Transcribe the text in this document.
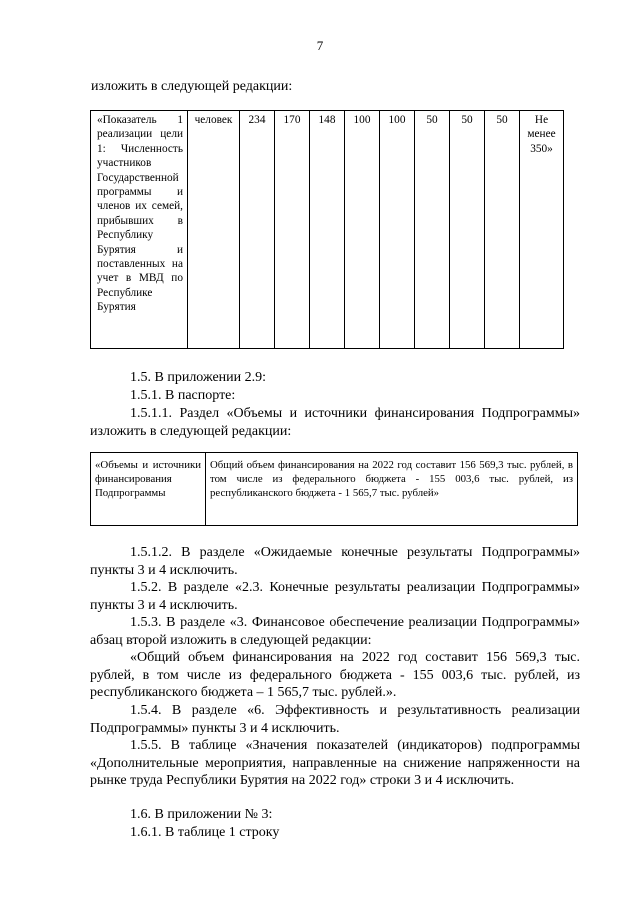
7
изложить в следующей редакции:
«Показатель 1 реализации цели 1: Численность участников Государственной программы и членов их семей, прибывших в Республику Бурятия и поставленных на учет в МВД по Республике Бурятия	человек	234	170	148	100	100	50	50	50	Не менее 350»
1.5. В приложении 2.9:
1.5.1. В паспорте:
1.5.1.1. Раздел «Объемы и источники финансирования Подпрограммы» изложить в следующей редакции:
«Объемы и источники финансирования Подпрограммы	Общий объем финансирования на 2022 год составит 156 569,3 тыс. рублей, в том числе из федерального бюджета - 155 003,6 тыс. рублей, из республиканского бюджета - 1 565,7 тыс. рублей»
1.5.1.2. В разделе «Ожидаемые конечные результаты Подпрограммы» пункты 3 и 4 исключить.
1.5.2. В разделе «2.3. Конечные результаты реализации Подпрограммы» пункты 3 и 4 исключить.
1.5.3. В разделе «3. Финансовое обеспечение реализации Подпрограммы» абзац второй изложить в следующей редакции:
«Общий объем финансирования на 2022 год составит 156 569,3 тыс. рублей, в том числе из федерального бюджета - 155 003,6 тыс. рублей, из республиканского бюджета – 1 565,7 тыс. рублей.».
1.5.4. В разделе «6. Эффективность и результативность реализации Подпрограммы» пункты 3 и 4 исключить.
1.5.5. В таблице «Значения показателей (индикаторов) подпрограммы «Дополнительные мероприятия, направленные на снижение напряженности на рынке труда Республики Бурятия на 2022 год» строки 3 и 4 исключить.
1.6. В приложении № 3:
1.6.1. В таблице 1 строку
